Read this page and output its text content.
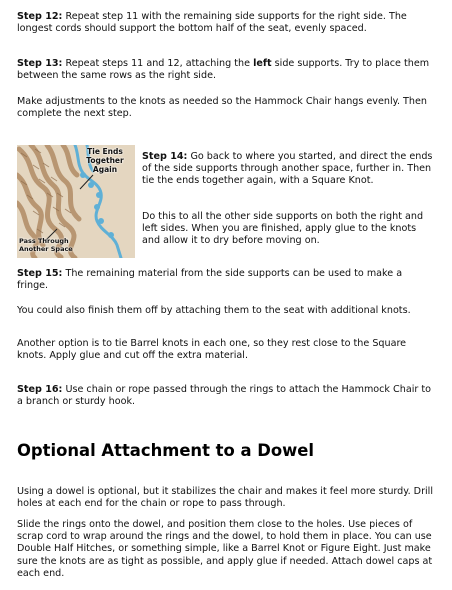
Step 12: Repeat step 11 with the remaining side supports for the right side. The longest cords should support the bottom half of the seat, evenly spaced.

Step 13: Repeat steps 11 and 12, attaching the left side supports. Try to place them between the same rows as the right side.

Make adjustments to the knots as needed so the Hammock Chair hangs evenly. Then complete the next step.

Tie Ends Together Again
Pass Through Another Space

Step 14: Go back to where you started, and direct the ends of the side supports through another space, further in. Then tie the ends together again, with a Square Knot.

Do this to all the other side supports on both the right and left sides. When you are finished, apply glue to the knots and allow it to dry before moving on.

Step 15: The remaining material from the side supports can be used to make a fringe.

You could also finish them off by attaching them to the seat with additional knots.

Another option is to tie Barrel knots in each one, so they rest close to the Square knots. Apply glue and cut off the extra material.

Step 16: Use chain or rope passed through the rings to attach the Hammock Chair to a branch or sturdy hook.

Optional Attachment to a Dowel

Using a dowel is optional, but it stabilizes the chair and makes it feel more sturdy. Drill holes at each end for the chain or rope to pass through.

Slide the rings onto the dowel, and position them close to the holes. Use pieces of scrap cord to wrap around the rings and the dowel, to hold them in place. You can use Double Half Hitches, or something simple, like a Barrel Knot or Figure Eight. Just make sure the knots are as tight as possible, and apply glue if needed. Attach dowel caps at each end.
